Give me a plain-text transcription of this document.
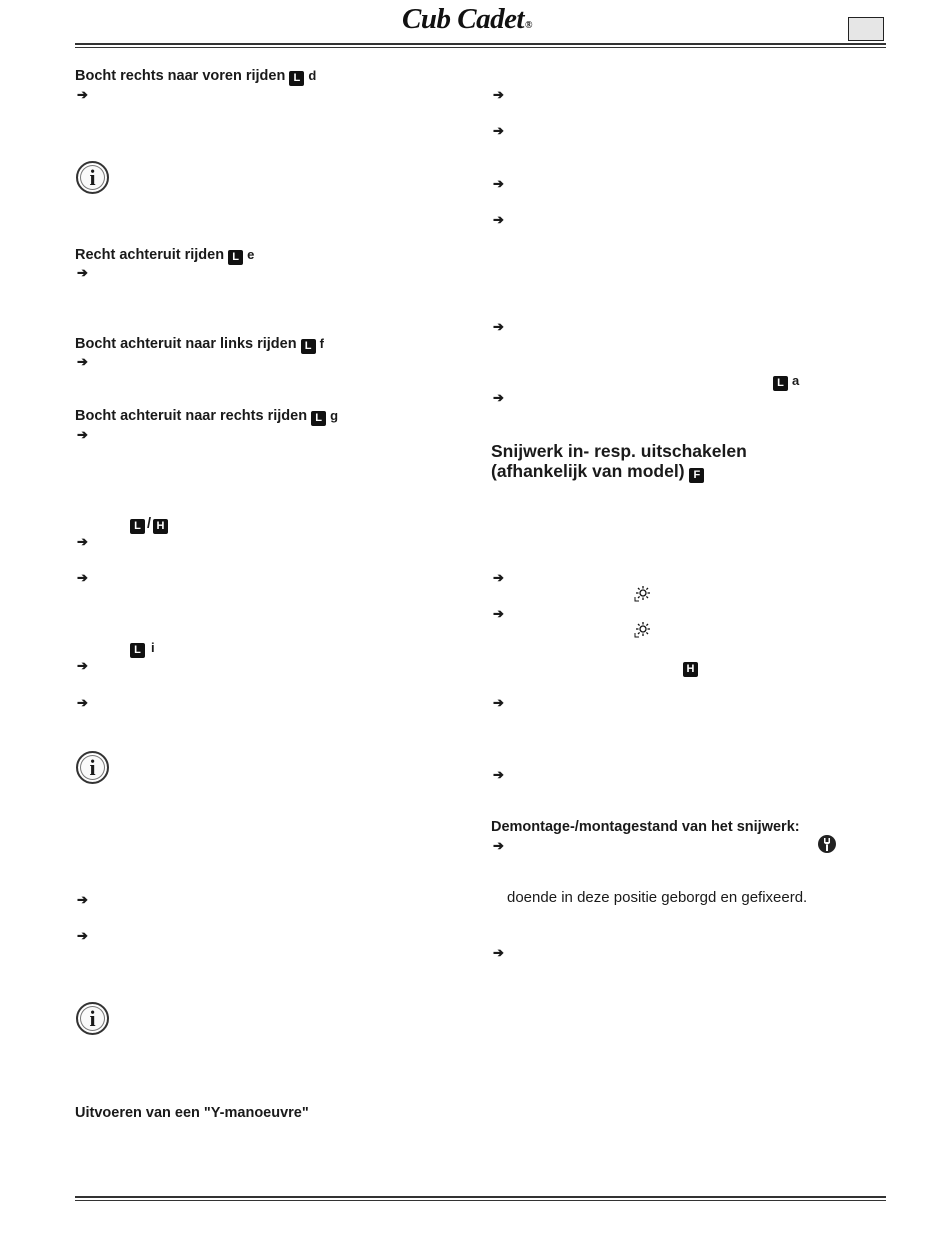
Cub Cadet®
Bocht rechts naar voren rijden L d
➔
i
Recht achteruit rijden L e
➔
Bocht achteruit naar links rijden L f
➔
Bocht achteruit naar rechts rijden L g
➔
L / H
➔
➔
L i
➔
➔
i
➔
➔
i
Uitvoeren van een "Y-manoeuvre"
➔
➔
➔
➔
➔
L a
➔
Snijwerk in- resp. uitschakelen
(afhankelijk van model) F
➔
➔
H
➔
➔
Demontage-/montagestand van het snijwerk:
➔
doende in deze positie geborgd en gefixeerd.
➔
